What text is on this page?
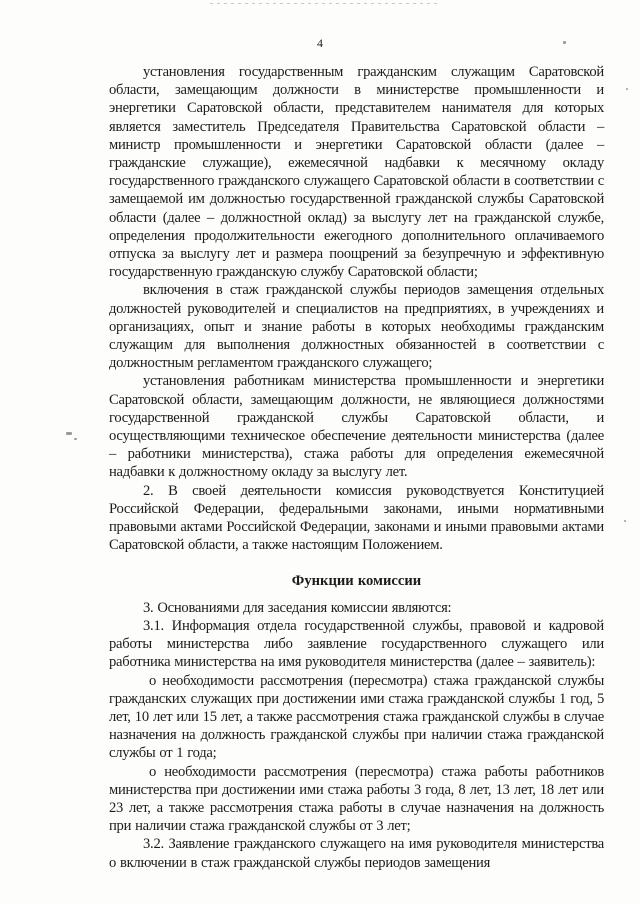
4

установления государственным гражданским служащим Саратовской области, замещающим должности в министерстве промышленности и энергетики Саратовской области, представителем нанимателя для которых является заместитель Председателя Правительства Саратовской области – министр промышленности и энергетики Саратовской области (далее – гражданские служащие), ежемесячной надбавки к месячному окладу государственного гражданского служащего Саратовской области в соответствии с замещаемой им должностью государственной гражданской службы Саратовской области (далее – должностной оклад) за выслугу лет на гражданской службе, определения продолжительности ежегодного дополнительного оплачиваемого отпуска за выслугу лет и размера поощрений за безупречную и эффективную государственную гражданскую службу Саратовской области;

включения в стаж гражданской службы периодов замещения отдельных должностей руководителей и специалистов на предприятиях, в учреждениях и организациях, опыт и знание работы в которых необходимы гражданским служащим для выполнения должностных обязанностей в соответствии с должностным регламентом гражданского служащего;

установления работникам министерства промышленности и энергетики Саратовской области, замещающим должности, не являющиеся должностями государственной гражданской службы Саратовской области, и осуществляющими техническое обеспечение деятельности министерства (далее – работники министерства), стажа работы для определения ежемесячной надбавки к должностному окладу за выслугу лет.

2. В своей деятельности комиссия руководствуется Конституцией Российской Федерации, федеральными законами, иными нормативными правовыми актами Российской Федерации, законами и иными правовыми актами Саратовской области, а также настоящим Положением.

Функции комиссии

3. Основаниями для заседания комиссии являются:

3.1. Информация отдела государственной службы, правовой и кадровой работы министерства либо заявление государственного служащего или работника министерства на имя руководителя министерства (далее – заявитель):

о необходимости рассмотрения (пересмотра) стажа гражданской службы гражданских служащих при достижении ими стажа гражданской службы 1 год, 5 лет, 10 лет или 15 лет, а также рассмотрения стажа гражданской службы в случае назначения на должность гражданской службы при наличии стажа гражданской службы от 1 года;

о необходимости рассмотрения (пересмотра) стажа работы работников министерства при достижении ими стажа работы 3 года, 8 лет, 13 лет, 18 лет или 23 лет, а также рассмотрения стажа работы в случае назначения на должность при наличии стажа гражданской службы от 3 лет;

3.2. Заявление гражданского служащего на имя руководителя министерства о включении в стаж гражданской службы периодов замещения
